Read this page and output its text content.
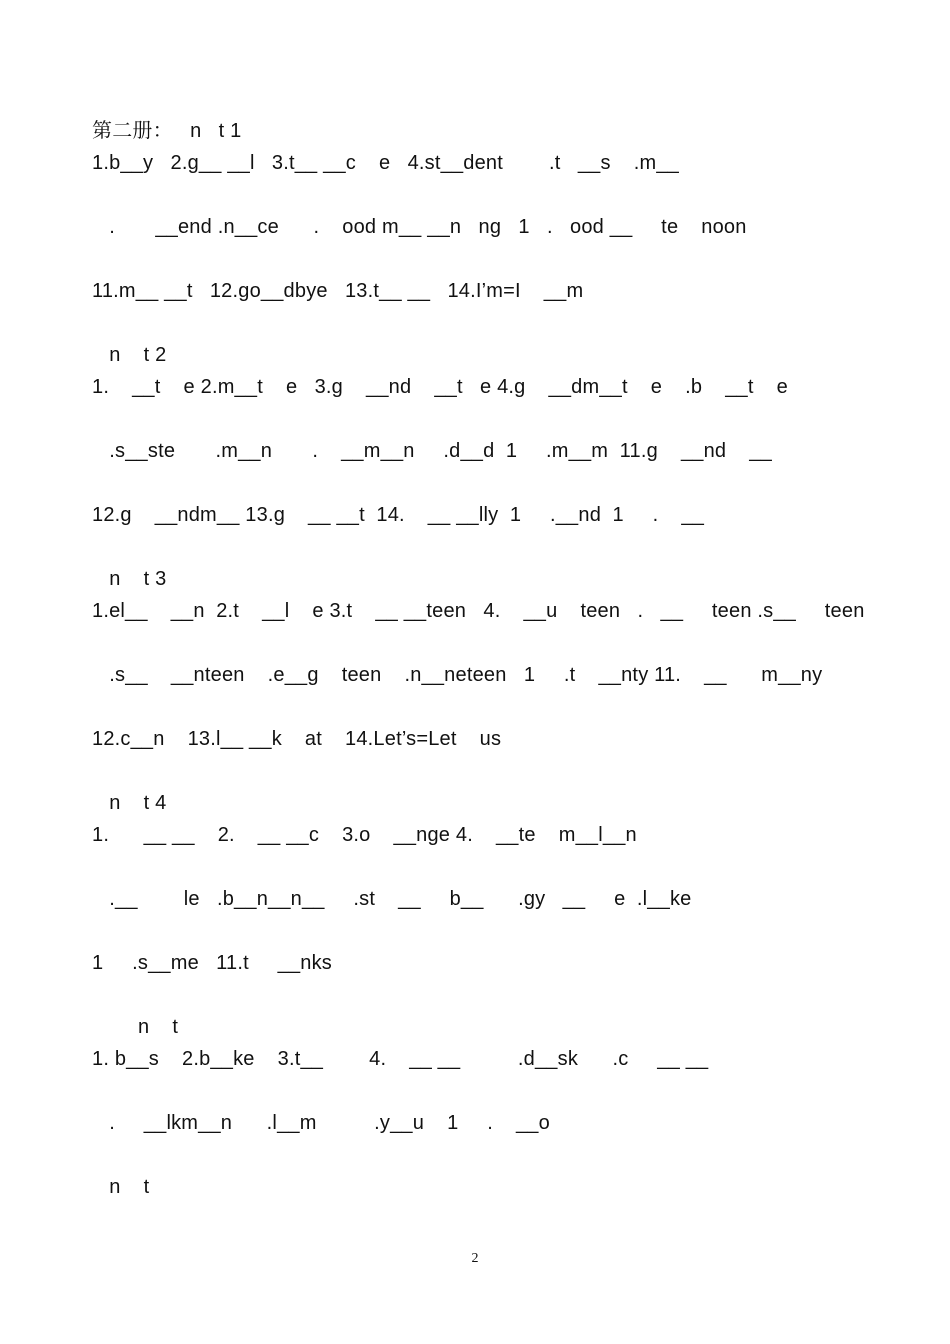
第二册：   n   t 1
1.b__y   2.g__ __l   3.t__ __c    e   4.st__dent        .t   __s    .m__
.       __end .n__ce      .    ood m__ __n   ng   1   .   ood __     te    noon
11.m__ __t   12.go__dbye   13.t__ __   14.I’m=I    __m
n    t 2
1.    __t    e 2.m__t    e   3.g    __nd    __t   e 4.g    __dm__t    e    .b    __t    e
.s__ste       .m__n       .    __m__n     .d__d  1     .m__m  11.g    __nd    __
12.g    __ndm__ 13.g    __ __t  14.    __ __lly  1     .__nd  1     .    __
n    t 3
1.el__    __n  2.t    __l    e 3.t    __ __teen   4.    __u    teen   .   __     teen .s__     teen
.s__    __nteen    .e__g    teen    .n__neteen   1     .t    __nty 11.    __      m__ny
12.c__n    13.l__ __k    at    14.Let’s=Let    us
n    t 4
1.      __ __    2.    __ __c    3.o    __nge 4.    __te    m__l__n
.__        le   .b__n__n__     .st    __     b__      .gy   __     e  .l__ke
1     .s__me   11.t     __nks
n    t
1. b__s    2.b__ke    3.t__        4.    __ __          .d__sk      .c     __ __
.     __lkm__n      .l__m          .y__u    1     .    __o
n    t
2
